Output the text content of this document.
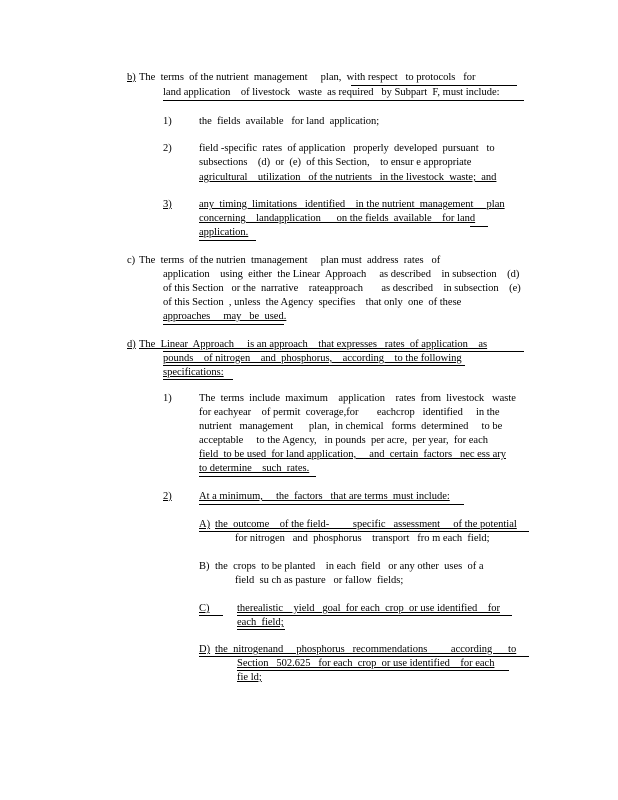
b) The  terms  of the nutrient  management     plan,  with respect   to protocols   for
land application    of livestock   waste  as required   by Subpart  F, must include:
1)	the  fields  available   for land  application;
2)	field -specific  rates  of application   properly  developed  pursuant   to
subsections    (d)  or  (e)  of this Section,    to ensur e appropriate
agricultural    utilization   of the nutrients   in the livestock  waste;  and
3)	any  timing  limitations   identified    in the nutrient  management     plan
concerning    landapplication      on the fields  available    for land
application.
c) The  terms  of the nutrien  tmanagement     plan must  address  rates   of
application    using  either  the Linear  Approach     as described    in subsection    (d)
of this Section   or the  narrative    rateapproach       as described    in subsection    (e)
of this Section  , unless  the Agency  specifies    that only  one  of these
approaches     may   be  used.
d) The  Linear  Approach     is an approach    that expresses   rates  of application    as
pounds    of nitrogen    and  phosphorus,    according    to the following
specifications:
1)	The  terms  include  maximum    application    rates  from  livestock   waste
for eachyear    of permit  coverage,for       eachcrop   identified     in the
nutrient   management      plan,  in chemical   forms  determined     to be
acceptable     to the Agency,   in pounds  per acre,  per year,  for each
field  to be used  for land application,     and  certain  factors   nec ess ary
to determine    such  rates.
2)	At a minimum,     the  factors   that are terms  must include:
A) the  outcome    of the field-         specific   assessment     of the potential
for nitrogen   and  phosphorus    transport   fro m each  field;
B) the  crops  to be planted    in each  field   or any other  uses  of a
field  su ch as pasture   or fallow  fields;
C)	therealistic    yield   goal  for each  crop  or use identified    for
each  field;
D) the  nitrogenand     phosphorus   recommendations         according      to
Section   502.625   for each  crop  or use identified    for each
fie ld;
